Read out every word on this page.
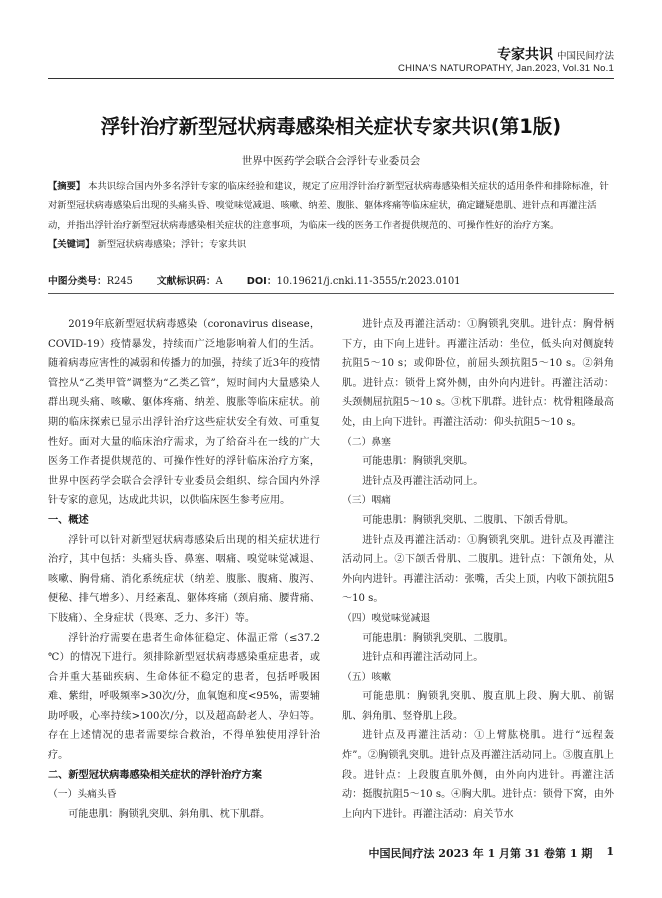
专家共识 中国民间疗法
CHINA'S NATUROPATHY, Jan.2023, Vol.31 No.1
浮针治疗新型冠状病毒感染相关症状专家共识(第1版)
世界中医药学会联合会浮针专业委员会

【摘要】 本共识综合国内外多名浮针专家的临床经验和建议，规定了应用浮针治疗新型冠状病毒感染相关症状的适用条件和排除标准，针对新型冠状病毒感染后出现的头痛头昏、嗅觉味觉减退、咳嗽、纳差、腹胀、躯体疼痛等临床症状，确定罐疑患肌、进针点和再灌注活动，并指出浮针治疗新型冠状病毒感染相关症状的注意事项，为临床一线的医务工作者提供规范的、可操作性好的治疗方案。

【关键词】 新型冠状病毒感染；浮针；专家共识

中图分类号：R245 文献标识码：A DOI：10.19621/j.cnki.11-3555/r.2023.0101

2019年底新型冠状病毒感染（coronavirus disease，COVID-19）疫情暴发，持续而广泛地影响着人们的生活。随着病毒应害性的减弱和传播力的加强，持续了近3年的疫情管控从“乙类甲管”调整为“乙类乙管”，短时间内大量感染人群出现头痛、咳嗽、躯体疼痛、纳差、腹胀等临床症状。前期的临床探索已显示出浮针治疗这些症状安全有效、可重复性好。面对大量的临床治疗需求，为了给奋斗在一线的广大医务工作者提供规范的、可操作性好的浮针临床治疗方案，世界中医药学会联合会浮针专业委员会组织、综合国内外浮针专家的意见，达成此共识，以供临床医生参考应用。

一、概述

浮针可以针对新型冠状病毒感染后出现的相关症状进行治疗，其中包括：头痛头昏、鼻塞、咽痛、嗅觉味觉减退、咳嗽、胸骨痛、消化系统症状（纳差、腹胀、腹痛、腹泻、便秘、排气增多）、月经紊乱、躯体疼痛（颈肩痛、腰背痛、下肢痛）、全身症状（畏寒、乏力、多汗）等。

浮针治疗需要在患者生命体征稳定、体温正常（≤37.2 ℃）的情况下进行。须排除新型冠状病毒感染重症患者，或合并重大基础疾病、生命体征不稳定的患者，包括呼吸困难、紫绀，呼吸频率>30次/分，血氧饱和度<95%，需要辅助呼吸，心率持续>100次/分，以及超高龄老人、孕妇等。存在上述情况的患者需要综合救治，不得单独使用浮针治疗。

二、新型冠状病毒感染相关症状的浮针治疗方案

（一）头痛头昏

可能患肌：胸锁乳突肌、斜角肌、枕下肌群。

进针点及再灌注活动：①胸锁乳突肌。进针点：胸骨柄下方，由下向上进针。再灌注活动：坐位，低头向对侧旋转抗阻5～10 s；或仰卧位，前屈头颈抗阻5～10 s。②斜角肌。进针点：锁骨上窝外侧，由外向内进针。再灌注活动：头颈侧屈抗阻5～10 s。③枕下肌群。进针点：枕骨粗隆最高处，由上向下进针。再灌注活动：仰头抗阻5～10 s。

（二）鼻塞

可能患肌：胸锁乳突肌。

进针点及再灌注活动同上。

（三）咽痛

可能患肌：胸锁乳突肌、二腹肌、下颌舌骨肌。

进针点及再灌注活动：①胸锁乳突肌。进针点及再灌注活动同上。②下颌舌骨肌、二腹肌。进针点：下颌角处，从外向内进针。再灌注活动：张嘴，舌尖上顶，内收下颌抗阻5～10 s。

（四）嗅觉味觉减退

可能患肌：胸锁乳突肌、二腹肌。

进针点和再灌注活动同上。

（五）咳嗽

可能患肌：胸锁乳突肌、腹直肌上段、胸大肌、前锯肌、斜角肌、竖脊肌上段。

进针点及再灌注活动：①上臂肱桡肌。进行“远程轰炸”。②胸锁乳突肌。进针点及再灌注活动同上。③腹直肌上段。进针点：上段腹直肌外侧，由外向内进针。再灌注活动：挺腹抗阻5～10 s。④胸大肌。进针点：锁骨下窝，由外上向内下进针。再灌注活动：肩关节水

中国民间疗法 2023 年 1 月第 31 卷第 1 期 1
